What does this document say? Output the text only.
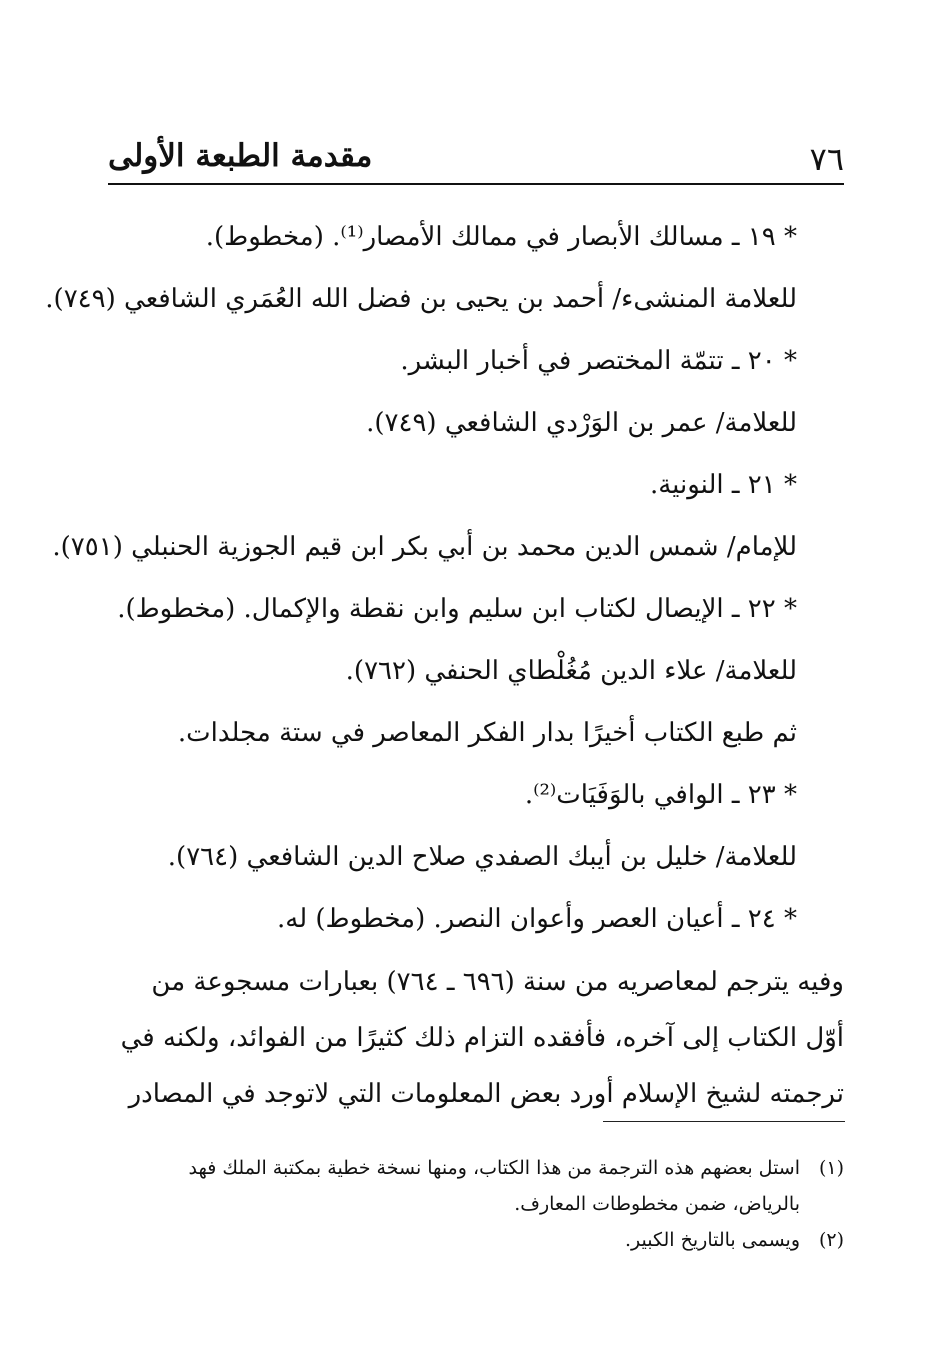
٧٦
مقدمة الطبعة الأولى
* ١٩ ـ مسالك الأبصار في ممالك الأمصار⁽¹⁾. (مخطوط).
للعلامة المنشىء/ أحمد بن يحيى بن فضل الله العُمَري الشافعي (٧٤٩).
* ٢٠ ـ تتمّة المختصر في أخبار البشر.
للعلامة/ عمر بن الوَرْدي الشافعي (٧٤٩).
* ٢١ ـ النونية.
للإمام/ شمس الدين محمد بن أبي بكر ابن قيم الجوزية الحنبلي (٧٥١).
* ٢٢ ـ الإيصال لكتاب ابن سليم وابن نقطة والإكمال. (مخطوط).
للعلامة/ علاء الدين مُغُلْطاي الحنفي (٧٦٢).
ثم طبع الكتاب أخيرًا بدار الفكر المعاصر في ستة مجلدات.
* ٢٣ ـ الوافي بالوَفَيَات⁽²⁾.
للعلامة/ خليل بن أيبك الصفدي صلاح الدين الشافعي (٧٦٤).
* ٢٤ ـ أعيان العصر وأعوان النصر. (مخطوط) له.
وفيه يترجم لمعاصريه من سنة (٦٩٦ ـ ٧٦٤) بعبارات مسجوعة من
أوّل الكتاب إلى آخره، فأفقده التزام ذلك كثيرًا من الفوائد، ولكنه في
ترجمته لشيخ الإسلام أورد بعض المعلومات التي لاتوجد في المصادر
(١)
استل بعضهم هذه الترجمة من هذا الكتاب، ومنها نسخة خطية بمكتبة الملك فهد بالرياض، ضمن مخطوطات المعارف.
(٢)
ويسمى بالتاريخ الكبير.
